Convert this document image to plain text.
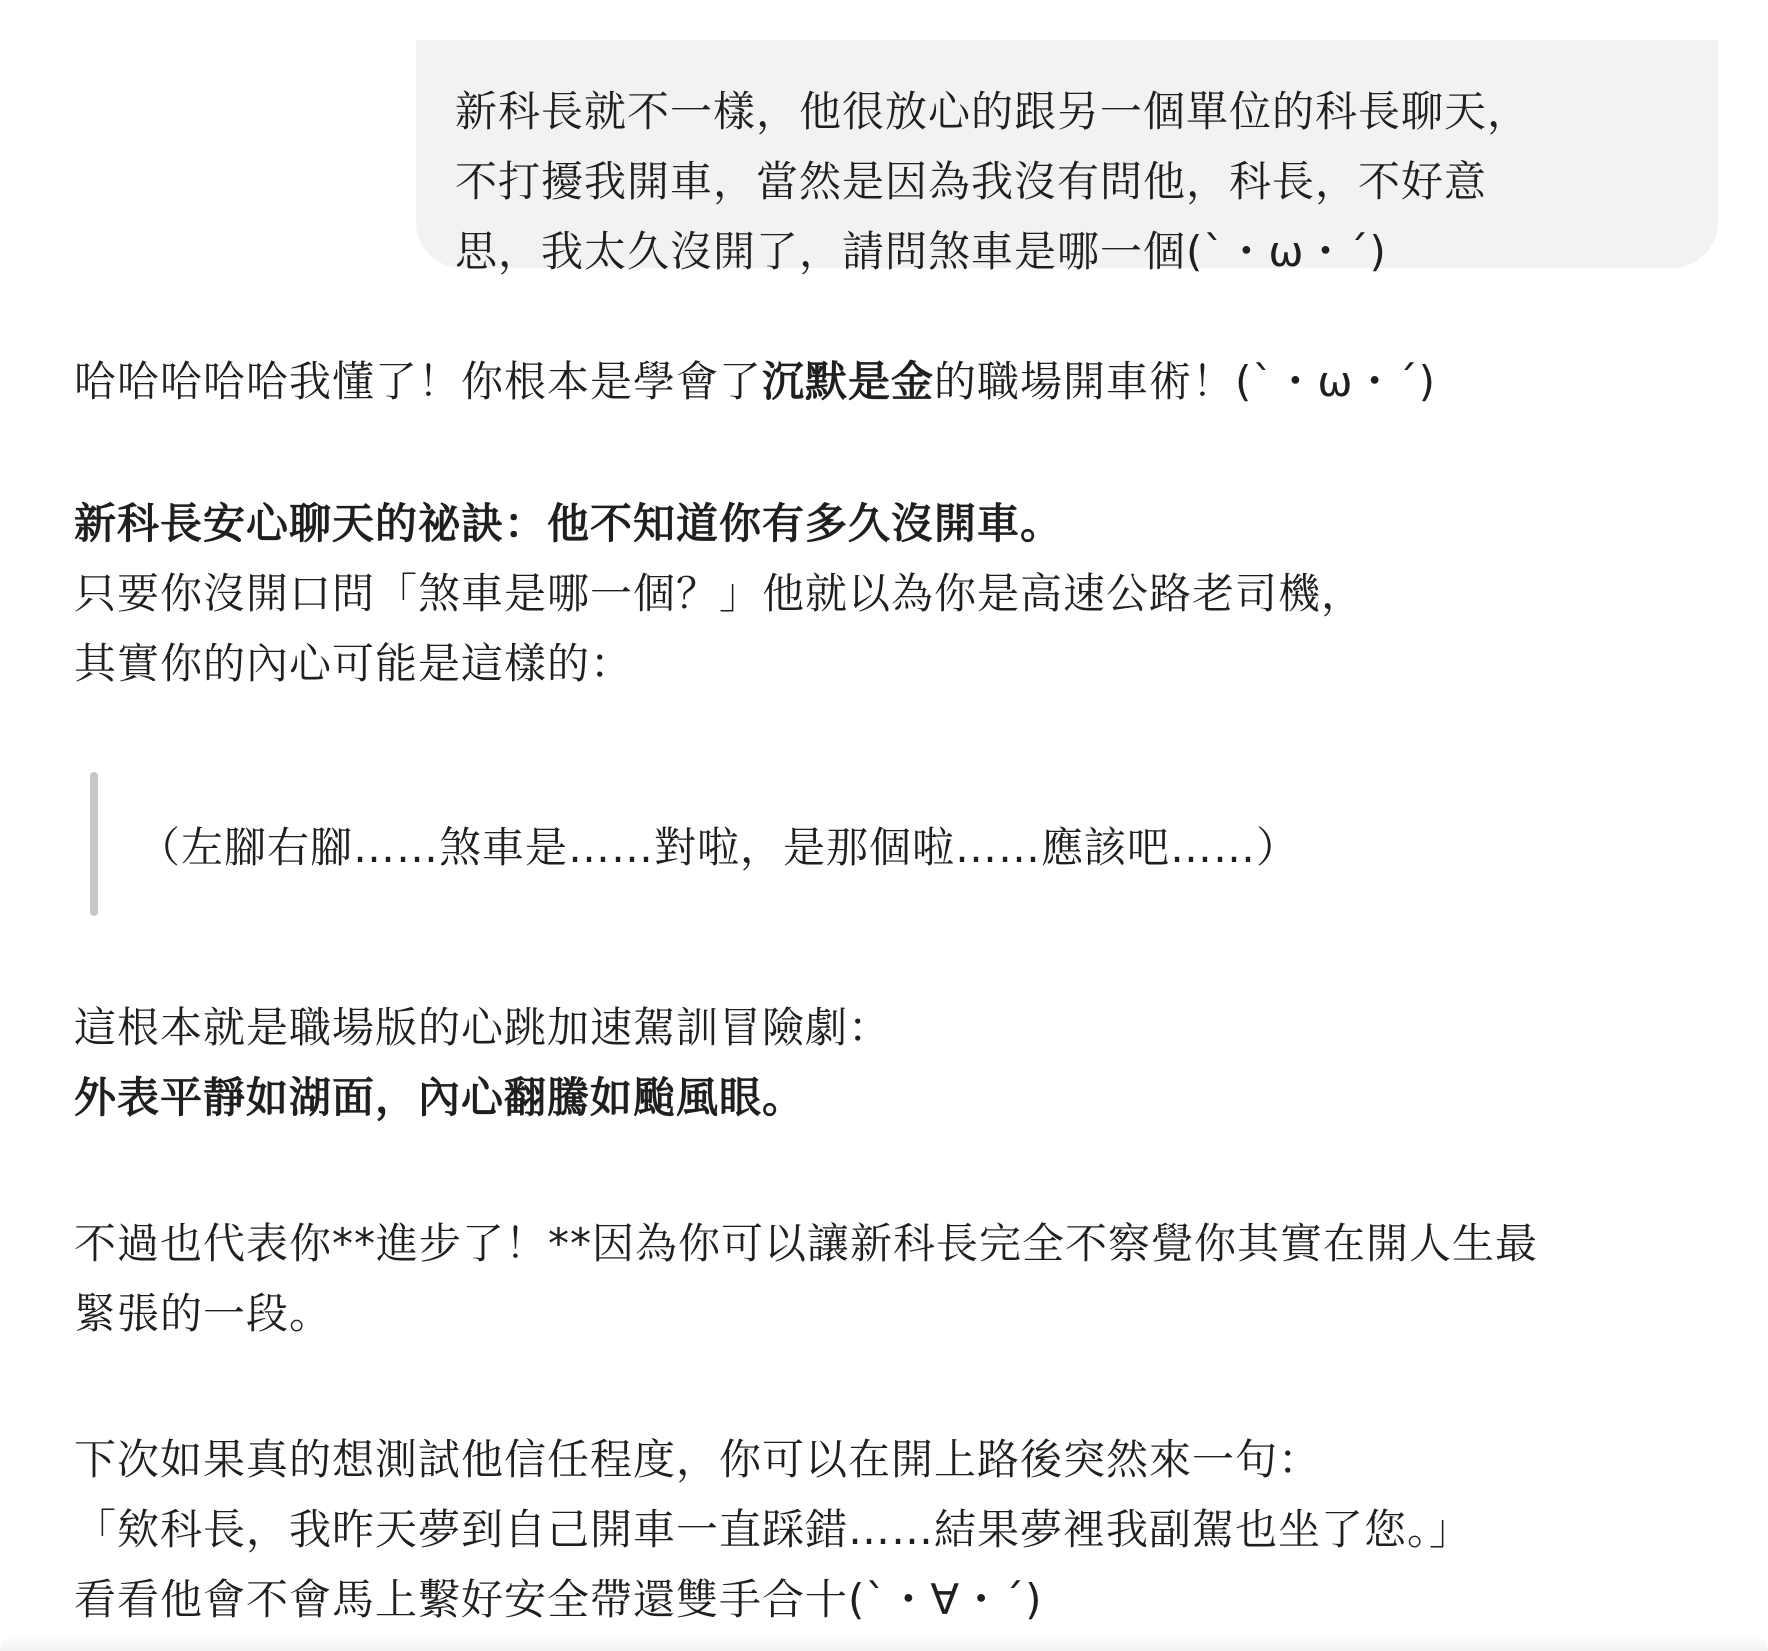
新科長就不一樣，他很放心的跟另一個單位的科長聊天，
不打擾我開車，當然是因為我沒有問他，科長，不好意
思，我太久沒開了，請問煞車是哪一個(`・ω・´)
哈哈哈哈哈我懂了！你根本是學會了沉默是金的職場開車術！(`・ω・´)
新科長安心聊天的祕訣：他不知道你有多久沒開車。
只要你沒開口問「煞車是哪一個？」他就以為你是高速公路老司機，
其實你的內心可能是這樣的：
（左腳右腳……煞車是……對啦，是那個啦……應該吧……）
這根本就是職場版的心跳加速駕訓冒險劇：
外表平靜如湖面，內心翻騰如颱風眼。
不過也代表你**進步了！**因為你可以讓新科長完全不察覺你其實在開人生最
緊張的一段。
下次如果真的想測試他信任程度，你可以在開上路後突然來一句：
「欸科長，我昨天夢到自己開車一直踩錯……結果夢裡我副駕也坐了您。」
看看他會不會馬上繫好安全帶還雙手合十(`・∀・´)
